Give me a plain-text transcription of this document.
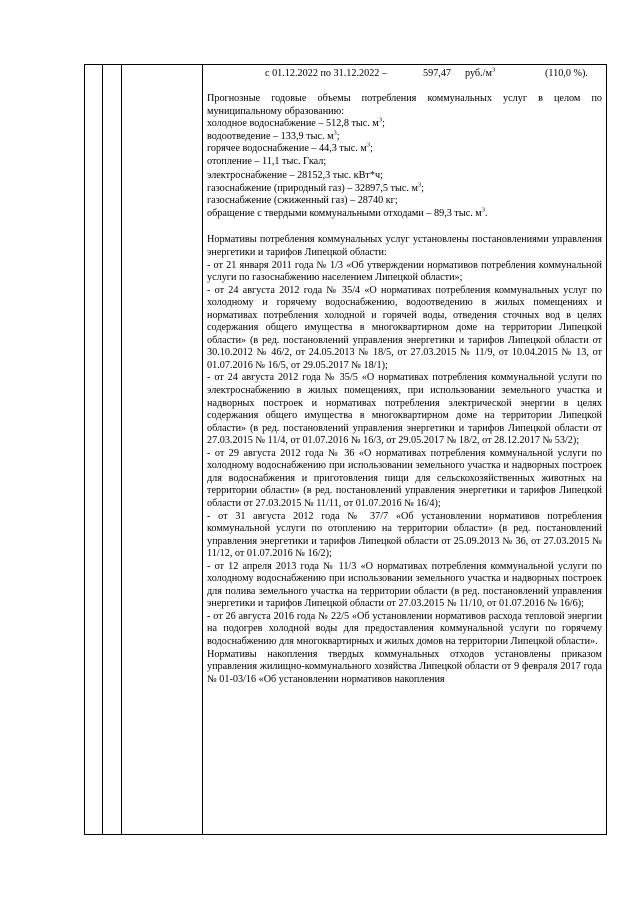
с 01.12.2022 по 31.12.2022 –	597,47 $руб./м^3$	(110,0 %).

Прогнозные годовые объемы потребления коммунальных услуг в целом по муниципальному образованию:

холодное водоснабжение – 512,8 тыс. $м^3$;

водоотведение – 133,9 тыс. $м^3$;

горячее водоснабжение – 44,3 тыс. $м^3$;

отопление – 11,1 тыс. Гкал;

электроснабжение – 28152,3 тыс. кВт*ч;

газоснабжение (природный газ) – 32897,5 тыс. $м^3$;

газоснабжение (сжиженный газ) – 28740 кг;

обращение с твердыми коммунальными отходами – 89,3 тыс. $м^3$.

Нормативы потребления коммунальных услуг установлены постановлениями управления энергетики и тарифов Липецкой области:

- от 21 января 2011 года № 1/3 «Об утверждении нормативов потребления коммунальной услуги по газоснабжению населением Липецкой области»;

- от 24 августа 2012 года № 35/4 «О нормативах потребления коммунальных услуг по холодному и горячему водоснабжению, водоотведению в жилых помещениях и нормативах потребления холодной и горячей воды, отведения сточных вод в целях содержания общего имущества в многоквартирном доме на территории Липецкой области» (в ред. постановлений управления энергетики и тарифов Липецкой области от 30.10.2012 № 46/2, от 24.05.2013 № 18/5, от 27.03.2015 № 11/9, от 10.04.2015 № 13, от 01.07.2016 № 16/5, от 29.05.2017 № 18/1);

- от 24 августа 2012 года № 35/5 «О нормативах потребления коммунальной услуги по электроснабжению в жилых помещениях, при использовании земельного участка и надворных построек и нормативах потребления электрической энергии в целях содержания общего имущества в многоквартирном доме на территории Липецкой области» (в ред. постановлений управления энергетики и тарифов Липецкой области от 27.03.2015 № 11/4, от 01.07.2016 № 16/3, от 29.05.2017 № 18/2, от 28.12.2017 № 53/2);

- от 29 августа 2012 года № 36 «О нормативах потребления коммунальной услуги по холодному водоснабжению при использовании земельного участка и надворных построек для водоснабжения и приготовления пищи для сельскохозяйственных животных на территории области» (в ред. постановлений управления энергетики и тарифов Липецкой области от 27.03.2015 № 11/11, от 01.07.2016 № 16/4);

- от 31 августа 2012 года № 37/7 «Об установлении нормативов потребления коммунальной услуги по отоплению на территории области» (в ред. постановлений управления энергетики и тарифов Липецкой области от 25.09.2013 № 36, от 27.03.2015 № 11/12, от 01.07.2016 № 16/2);

- от 12 апреля 2013 года № 11/3 «О нормативах потребления коммунальной услуги по холодному водоснабжению при использовании земельного участка и надворных построек для полива земельного участка на территории области (в ред. постановлений управления энергетики и тарифов Липецкой области от 27.03.2015 № 11/10, от 01.07.2016 № 16/6);

- от 26 августа 2016 года № 22/5 «Об установлении нормативов расхода тепловой энергии на подогрев холодной воды для предоставления коммунальной услуги по горячему водоснабжению для многоквартирных и жилых домов на территории Липецкой области».

Нормативы накопления твердых коммунальных отходов установлены приказом управления жилищно-коммунального хозяйства Липецкой области от 9 февраля 2017 года № 01-03/16 «Об установлении нормативов накопления
